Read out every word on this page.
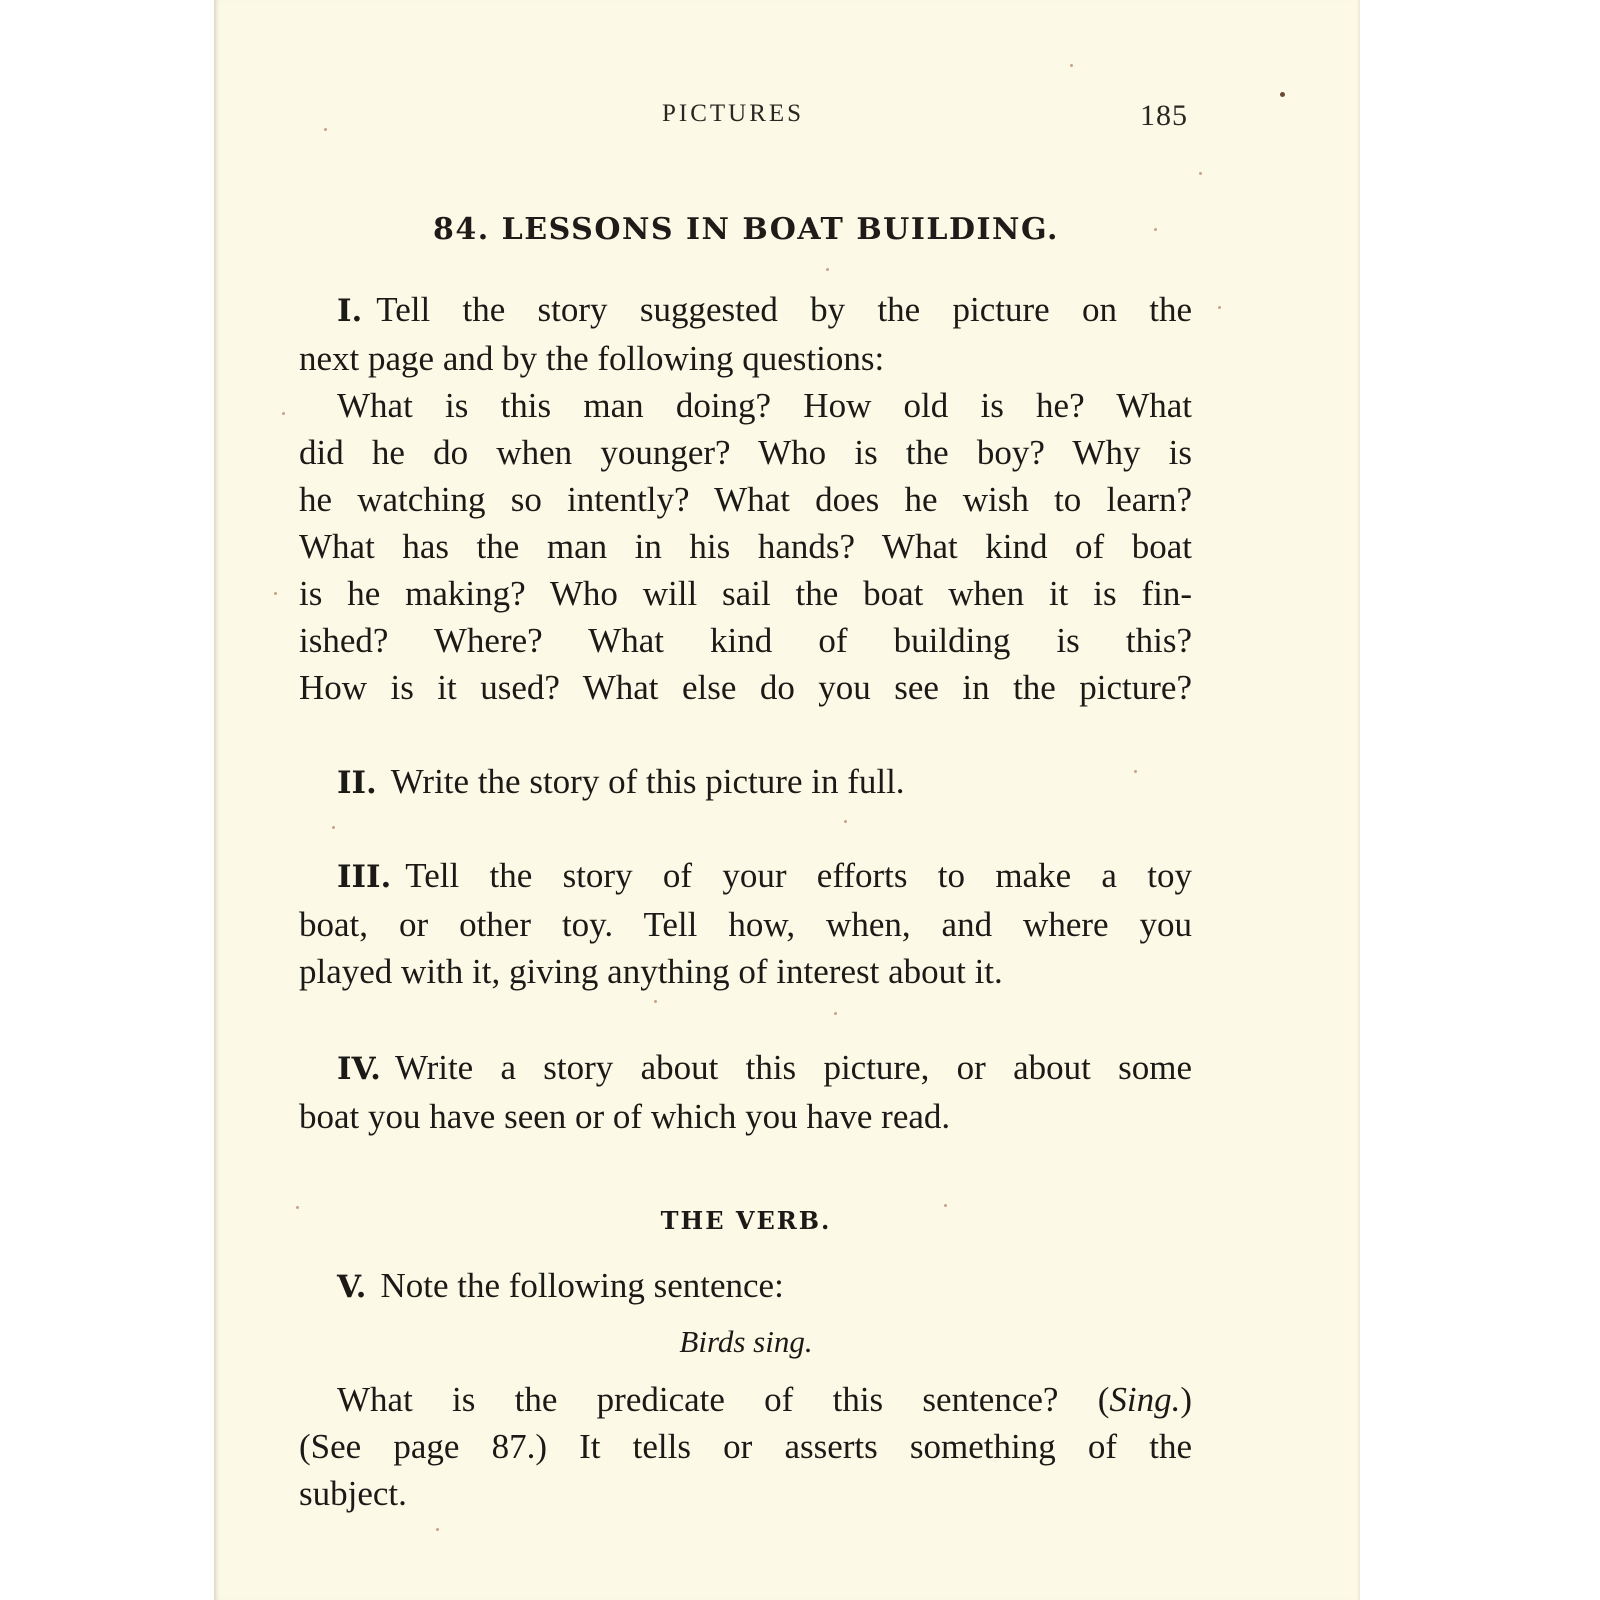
PICTURES	185
84. LESSONS IN BOAT BUILDING.
I. Tell the story suggested by the picture on the
next page and by the following questions:
What is this man doing? How old is he? What
did he do when younger? Who is the boy? Why is
he watching so intently? What does he wish to learn?
What has the man in his hands? What kind of boat
is he making? Who will sail the boat when it is fin-
ished? Where? What kind of building is this?
How is it used? What else do you see in the picture?
II. Write the story of this picture in full.
III. Tell the story of your efforts to make a toy
boat, or other toy. Tell how, when, and where you
played with it, giving anything of interest about it.
IV. Write a story about this picture, or about some
boat you have seen or of which you have read.
THE VERB.
V. Note the following sentence:
Birds sing.
What is the predicate of this sentence? (Sing.)
(See page 87.) It tells or asserts something of the
subject.
